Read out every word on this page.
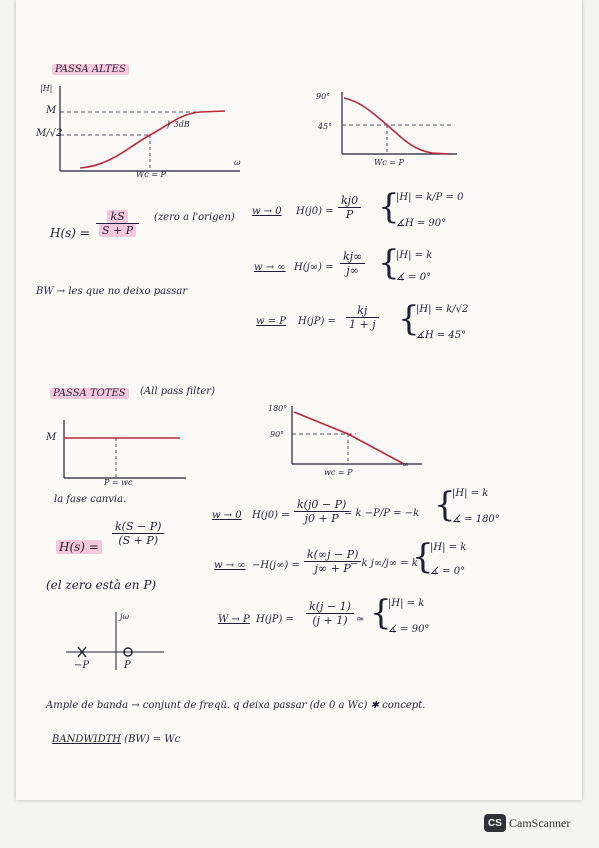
PASSA ALTES
|H|
M
M/√2
} 3dB
ω
Wc = P
90°
45°
Wc = P
$H(s) = \frac{kS}{S + P}$ (zero a l'origen)
BW → les que no deixo passar
w → 0 $H(j0) = \frac{kj0}{P}$ {
|H| = k/P = 0
∡H = 90°
w → ∞ $H(j\infty) = \frac{kj\infty}{j\infty}$ {
|H| = k
∡ = 0°
w = P $H(jP) = \frac{kj}{1 + j}$ {
|H| = k/√2
∡H = 45°
PASSA TOTES	(All pass filter)
M
P = wc
la fase canvia.
180°
90°
wc = P
∞
$H(s) = \frac{k(S - P)}{(S + P)}$
(el zero està en P)
jω
−P	P
w → 0 $H(j0) = \frac{k(j0 - P)}{j0 + P}$
= k −P/P = −k {
|H| = k
∡ = 180°
w → ∞ $-H(j\infty) = \frac{k(\infty j - P)}{j\infty + P}$
= k j∞/j∞ = k
{
|H| = k
∡ = 0°
W → P $H(jP) = \frac{k(j - 1)}{(j + 1)}$ ≃ {
|H| = k
∡ = 90°
Ample de banda → conjunt de freqü. q deixa passar (de 0 a Wc) ✱ concept.
BANDWIDTH (BW) = Wc
CS CamScanner
